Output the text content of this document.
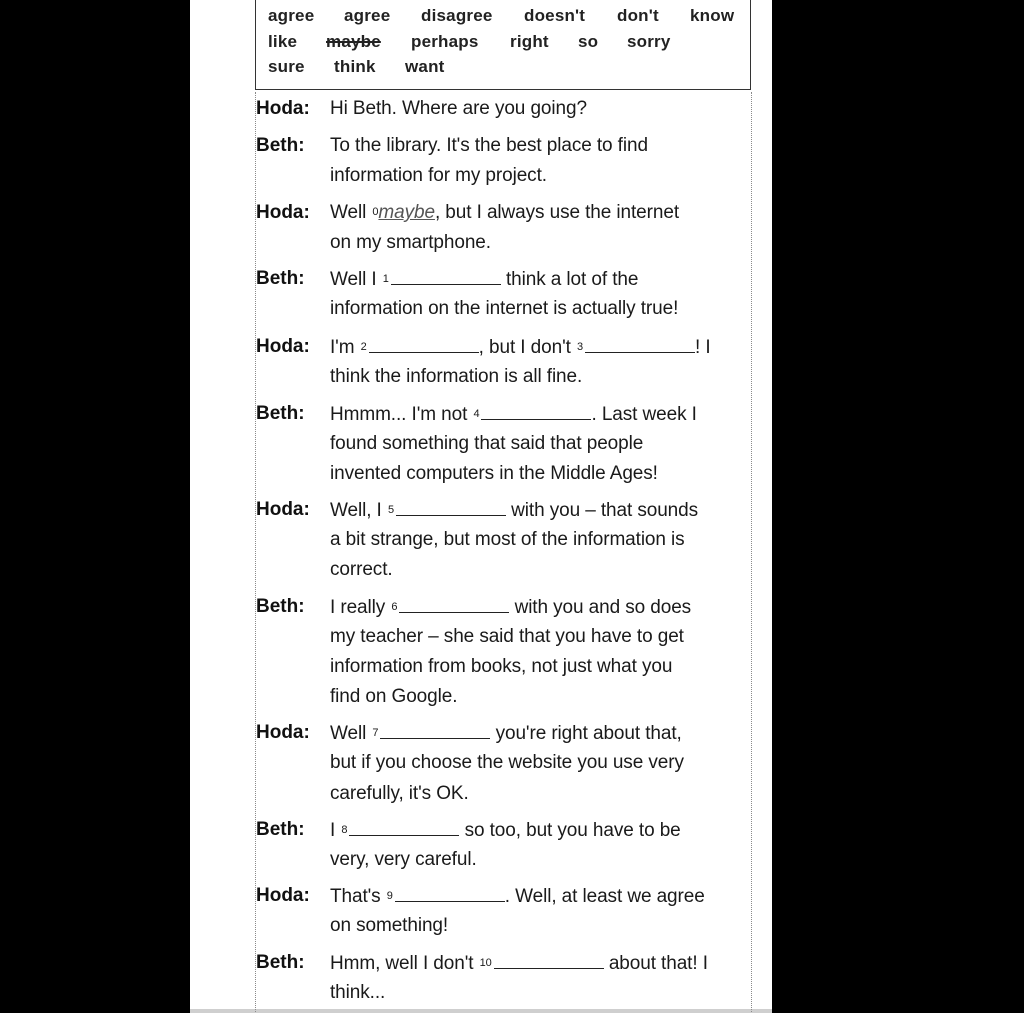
agree agree disagree doesn't don't know
like maybe perhaps right so sorry
sure think want
Hoda: Hi Beth. Where are you going?
Beth: To the library. It's the best place to find
information for my project.
Hoda: Well $^0$maybe, but I always use the internet
on my smartphone.
Beth: Well I $^1$	think a lot of the
information on the internet is actually true!
Hoda: I'm $^2$	, but I don't $^3$	! I
think the information is all fine.
Beth: Hmmm... I'm not $^4$	. Last week I
found something that said that people
invented computers in the Middle Ages!
Hoda: Well, I $^5$	with you – that sounds
a bit strange, but most of the information is
correct.
Beth: I really $^6$	with you and so does
my teacher – she said that you have to get
information from books, not just what you
find on Google.
Hoda: Well $^7$	you're right about that,
but if you choose the website you use very
carefully, it's OK.
Beth: I $^8$	so too, but you have to be
very, very careful.
Hoda: That's $^9$	. Well, at least we agree
on something!
Beth: Hmm, well I don't $^{10}$	about that! I
think...
